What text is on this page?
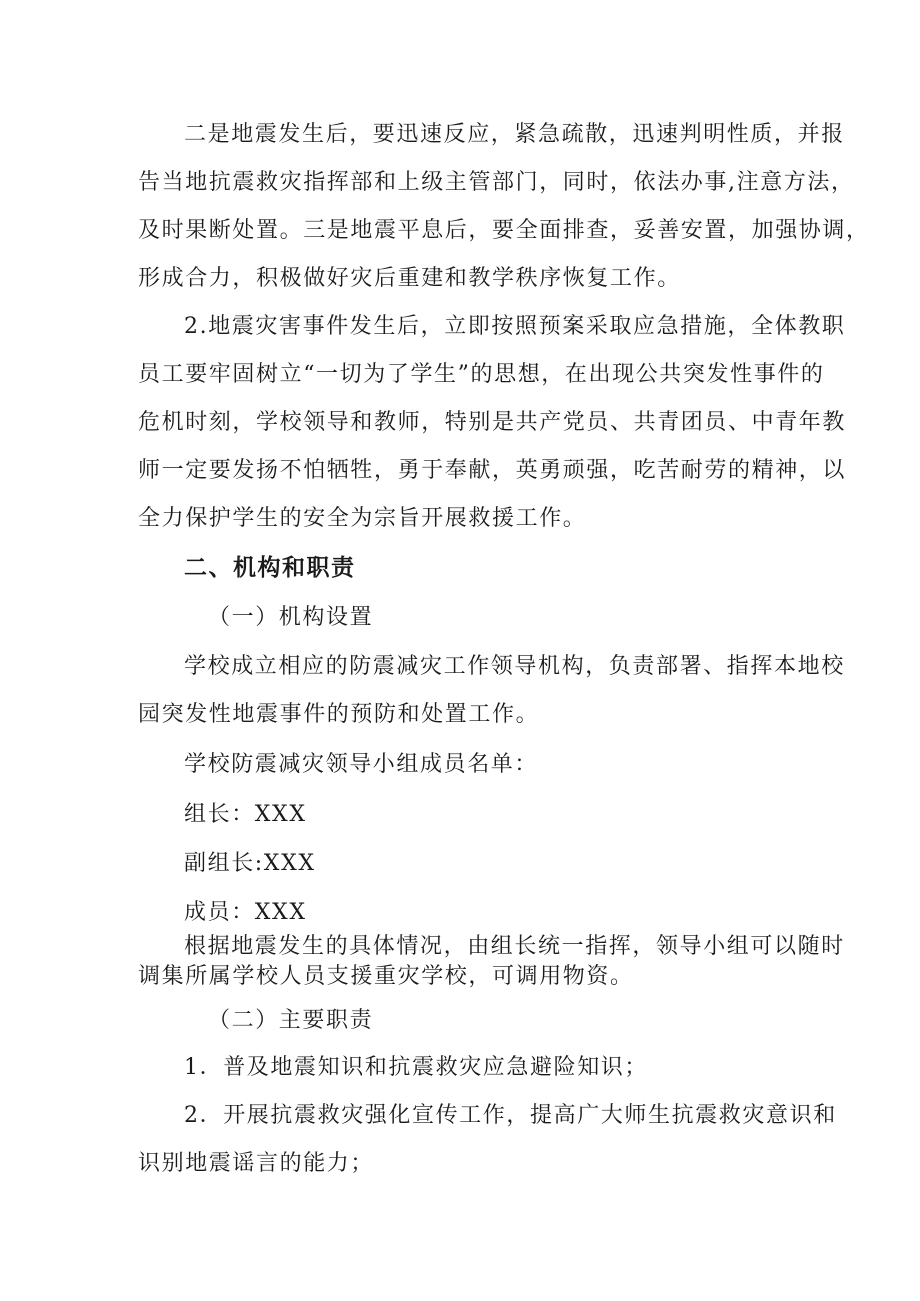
二是地震发生后，要迅速反应，紧急疏散，迅速判明性质，并报
告当地抗震救灾指挥部和上级主管部门，同时，依法办事,注意方法，
及时果断处置。三是地震平息后，要全面排查，妥善安置，加强协调，
形成合力，积极做好灾后重建和教学秩序恢复工作。
2.地震灾害事件发生后，立即按照预案采取应急措施，全体教职
员工要牢固树立“一切为了学生”的思想，在出现公共突发性事件的
危机时刻，学校领导和教师，特别是共产党员、共青团员、中青年教
师一定要发扬不怕牺牲，勇于奉献，英勇顽强，吃苦耐劳的精神，以
全力保护学生的安全为宗旨开展救援工作。
二、机构和职责
（一）机构设置
学校成立相应的防震减灾工作领导机构，负责部署、指挥本地校
园突发性地震事件的预防和处置工作。
学校防震减灾领导小组成员名单：
组长：XXX
副组长:XXX
成员：XXX
根据地震发生的具体情况，由组长统一指挥，领导小组可以随时
调集所属学校人员支援重灾学校，可调用物资。
（二）主要职责
1．普及地震知识和抗震救灾应急避险知识；
2．开展抗震救灾强化宣传工作，提高广大师生抗震救灾意识和
识别地震谣言的能力；
